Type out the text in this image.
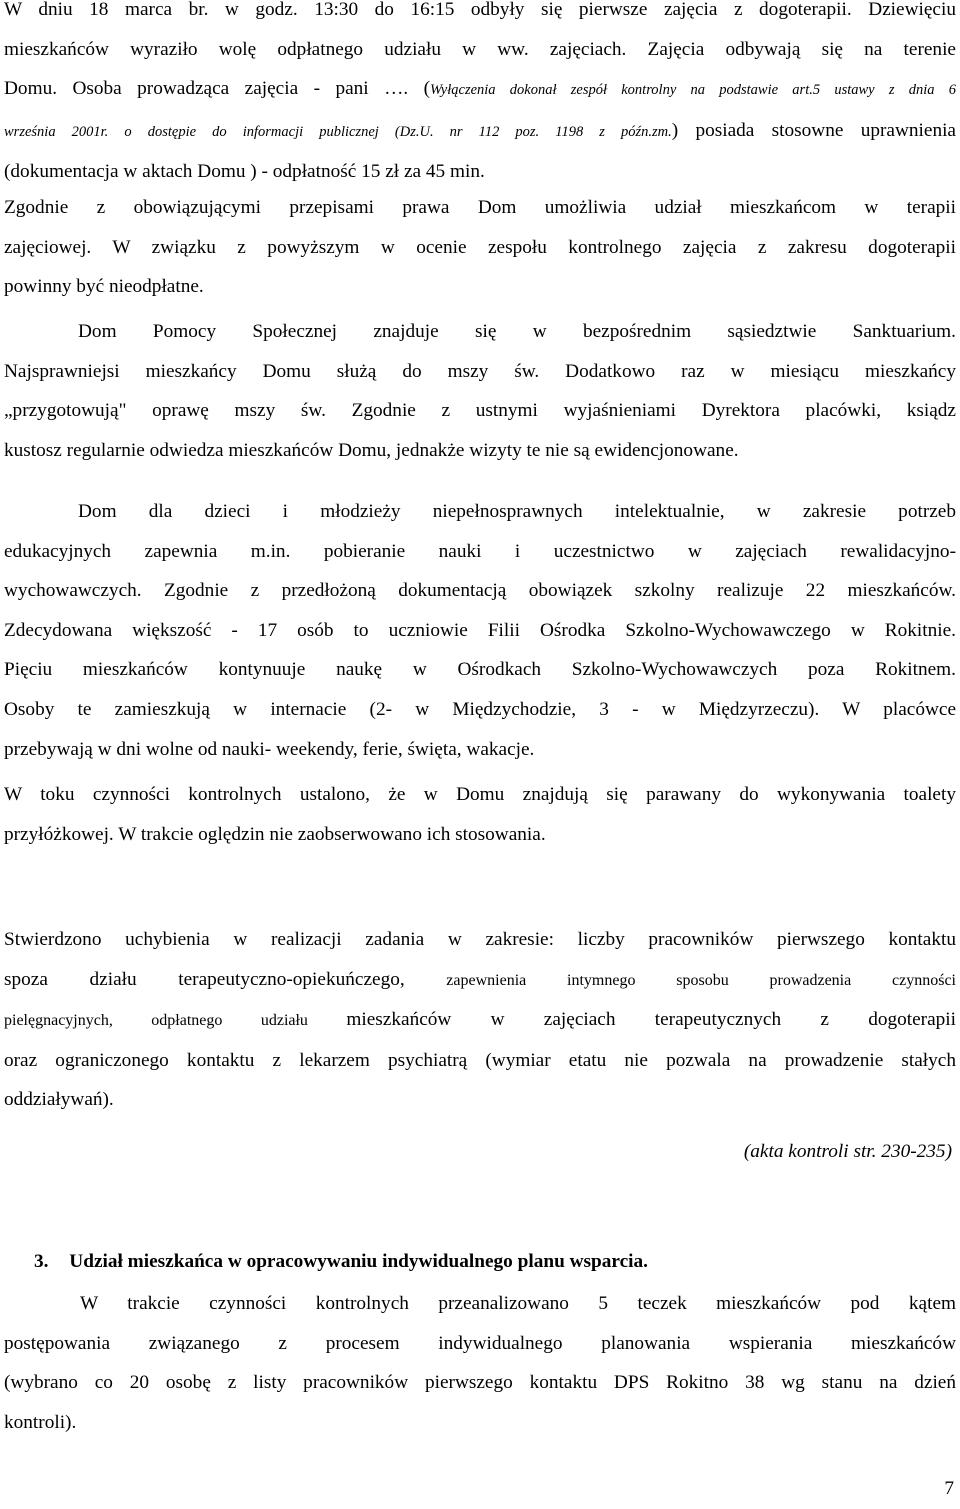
W dniu 18 marca br. w godz. 13:30 do 16:15 odbyły się pierwsze zajęcia z dogoterapii. Dziewięciu
mieszkańców wyraziło wolę odpłatnego udziału w ww. zajęciach. Zajęcia odbywają się na terenie
Domu. Osoba prowadząca zajęcia - pani …. (Wyłączenia dokonał zespół kontrolny na podstawie art.5 ustawy z dnia 6
września 2001r. o dostępie do informacji publicznej (Dz.U. nr 112 poz. 1198 z późn.zm.) posiada stosowne uprawnienia
(dokumentacja w aktach Domu ) - odpłatność 15 zł za 45 min.
Zgodnie z obowiązującymi przepisami prawa Dom umożliwia udział mieszkańcom w terapii
zajęciowej. W związku z powyższym w ocenie zespołu kontrolnego zajęcia z zakresu dogoterapii
powinny być nieodpłatne.
Dom Pomocy Społecznej znajduje się w bezpośrednim sąsiedztwie Sanktuarium.
Najsprawniejsi mieszkańcy Domu służą do mszy św. Dodatkowo raz w miesiącu mieszkańcy
„przygotowują" oprawę mszy św. Zgodnie z ustnymi wyjaśnieniami Dyrektora placówki, ksiądz
kustosz regularnie odwiedza mieszkańców Domu, jednakże wizyty te nie są ewidencjonowane.
Dom dla dzieci i młodzieży niepełnosprawnych intelektualnie, w zakresie potrzeb
edukacyjnych zapewnia m.in. pobieranie nauki i uczestnictwo w zajęciach rewalidacyjno-
wychowawczych. Zgodnie z przedłożoną dokumentacją obowiązek szkolny realizuje 22 mieszkańców.
Zdecydowana większość - 17 osób to uczniowie Filii Ośrodka Szkolno-Wychowawczego w Rokitnie.
Pięciu mieszkańców kontynuuje naukę w Ośrodkach Szkolno-Wychowawczych poza Rokitnem.
Osoby te zamieszkują w internacie (2- w Międzychodzie, 3 - w Międzyrzeczu). W placówce
przebywają w dni wolne od nauki- weekendy, ferie, święta, wakacje.
W toku czynności kontrolnych ustalono, że w Domu znajdują się parawany do wykonywania toalety
przyłóżkowej. W trakcie oględzin nie zaobserwowano ich stosowania.
Stwierdzono uchybienia w realizacji zadania w zakresie: liczby pracowników pierwszego kontaktu
spoza działu terapeutyczno-opiekuńczego, zapewnienia intymnego sposobu prowadzenia czynności
pielęgnacyjnych, odpłatnego udziału mieszkańców w zajęciach terapeutycznych z dogoterapii
oraz ograniczonego kontaktu z lekarzem psychiatrą (wymiar etatu nie pozwala na prowadzenie stałych
oddziaływań).
(akta kontroli str. 230-235)
3. Udział mieszkańca w opracowywaniu indywidualnego planu wsparcia.
W trakcie czynności kontrolnych przeanalizowano 5 teczek mieszkańców pod kątem
postępowania związanego z procesem indywidualnego planowania wspierania mieszkańców
(wybrano co 20 osobę z listy pracowników pierwszego kontaktu DPS Rokitno 38 wg stanu na dzień
kontroli).
7
